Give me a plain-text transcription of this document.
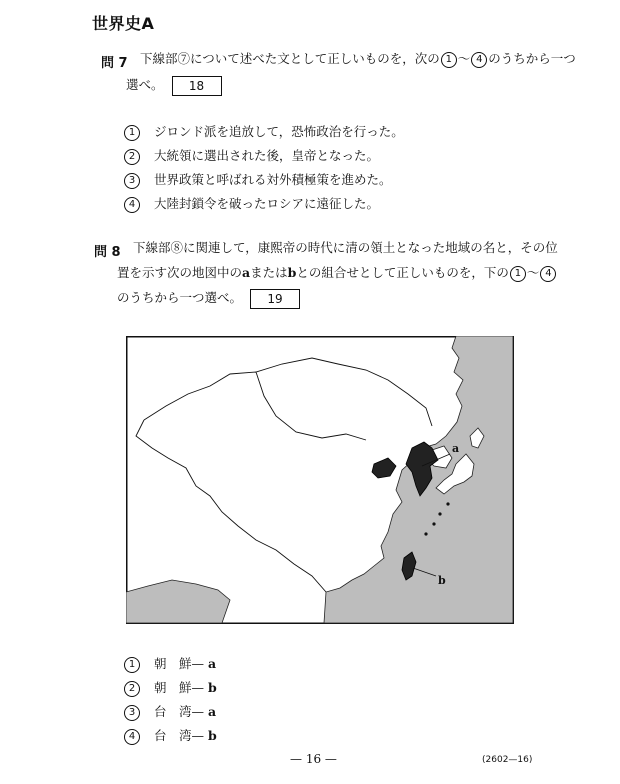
世界史A
問 7 下線部⑦について述べた文として正しいものを，次の 1 ～ 4 のうちから一つ
選べ。 18
1 ジロンド派を追放して，恐怖政治を行った。
2 大統領に選出された後，皇帝となった。
3 世界政策と呼ばれる対外積極策を進めた。
4 大陸封鎖令を破ったロシアに遠征した。
問 8 下線部⑧に関連して，康熙帝の時代に清の領土となった地域の名と，その位
置を示す次の地図中のaまたはbとの組合せとして正しいものを，下の 1 ～ 4
のうちから一つ選べ。 19
a
b
1 朝　鮮— a
2 朝　鮮— b
3 台　湾— a
4 台　湾— b
— 16 —	(2602—16)
